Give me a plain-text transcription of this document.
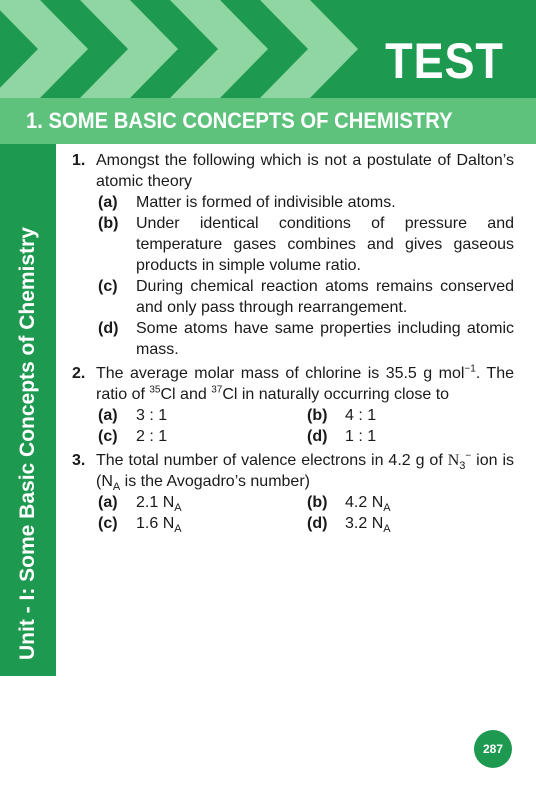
TEST
1. SOME BASIC CONCEPTS OF CHEMISTRY
Unit - I: Some Basic Concepts of Chemistry
1. Amongst the following which is not a postulate of Dalton’s atomic theory
(a) Matter is formed of indivisible atoms.
(b) Under identical conditions of pressure and temperature gases combines and gives gaseous products in simple volume ratio.
(c) During chemical reaction atoms remains conserved and only pass through rearrangement.
(d) Some atoms have same properties including atomic mass.
2. The average molar mass of chlorine is 35.5 g mol$^{-1}$. The ratio of $^{35}$Cl and $^{37}$Cl in naturally occurring close to
(a) 3 : 1	(b) 4 : 1
(c) 2 : 1	(d) 1 : 1
3. The total number of valence electrons in 4.2 g of $N_3^-$ ion is ($N_A$ is the Avogadro’s number)
(a) 2.1 $N_A$	(b) 4.2 $N_A$
(c) 1.6 $N_A$	(d) 3.2 $N_A$
287
